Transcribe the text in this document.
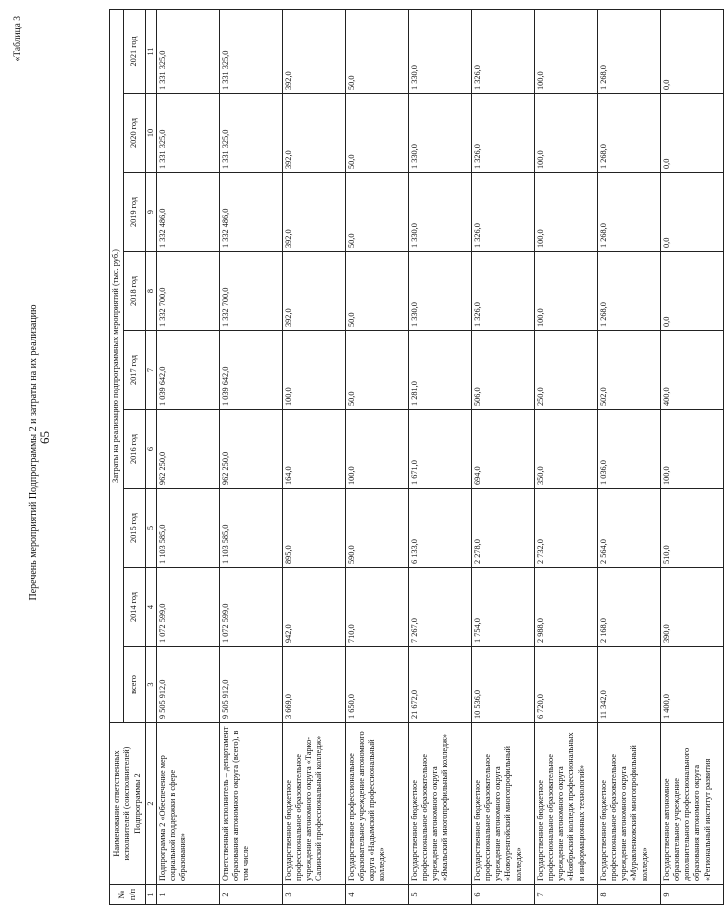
65
«Таблица 3
Перечень мероприятий Подпрограммы 2 и затраты на их реализацию
№ п/п	Наименование ответственных исполнителей (соисполнителей) Подпрограммы 2	Затраты на реализацию подпрограммных мероприятий (тыс. руб.)								
		всего	2014 год	2015 год	2016 год	2017 год	2018 год	2019 год	2020 год	2021 год
1	2	3	4	5	6	7	8	9	10	11
1	Подпрограмма 2 «Обеспечение мер социальной поддержки в сфере образования»	9 505 912,0	1 072 599,0	1 103 585,0	962 250,0	1 039 642,0	1 332 700,0	1 332 486,0	1 331 325,0	1 331 325,0
2	Ответственный исполнитель – департамент образования автономного округа (всего), в том числе	9 505 912,0	1 072 599,0	1 103 585,0	962 250,0	1 039 642,0	1 332 700,0	1 332 486,0	1 331 325,0	1 331 325,0
3	Государственное бюджетное профессиональное образовательное учреждение автономного округа «Тарко-Салинский профессиональный колледж»	3 669,0	942,0	895,0	164,0	100,0	392,0	392,0	392,0	392,0
4	Государственное профессиональное образовательное учреждение автономного округа «Надымский профессиональный колледж»	1 650,0	710,0	590,0	100,0	50,0	50,0	50,0	50,0	50,0
5	Государственное бюджетное профессиональное образовательное учреждение автономного округа «Ямальский многопрофильный колледж»	21 672,0	7 267,0	6 133,0	1 671,0	1 281,0	1 330,0	1 330,0	1 330,0	1 330,0
6	Государственное бюджетное профессиональное образовательное учреждение автономного округа «Новоуренгойский многопрофильный колледж»	10 536,0	1 754,0	2 278,0	694,0	506,0	1 326,0	1 326,0	1 326,0	1 326,0
7	Государственное бюджетное профессиональное образовательное учреждение автономного округа «Ноябрьский колледж профессиональных и информационных технологий»	6 720,0	2 988,0	2 732,0	350,0	250,0	100,0	100,0	100,0	100,0
8	Государственное бюджетное профессиональное образовательное учреждение автономного округа «Муравленковский многопрофильный колледж»	11 342,0	2 168,0	2 564,0	1 036,0	502,0	1 268,0	1 268,0	1 268,0	1 268,0
9	Государственное автономное образовательное учреждение дополнительного профессионального образования автономного округа «Региональный институт развития	1 400,0	390,0	510,0	100,0	400,0	0,0	0,0	0,0	0,0
